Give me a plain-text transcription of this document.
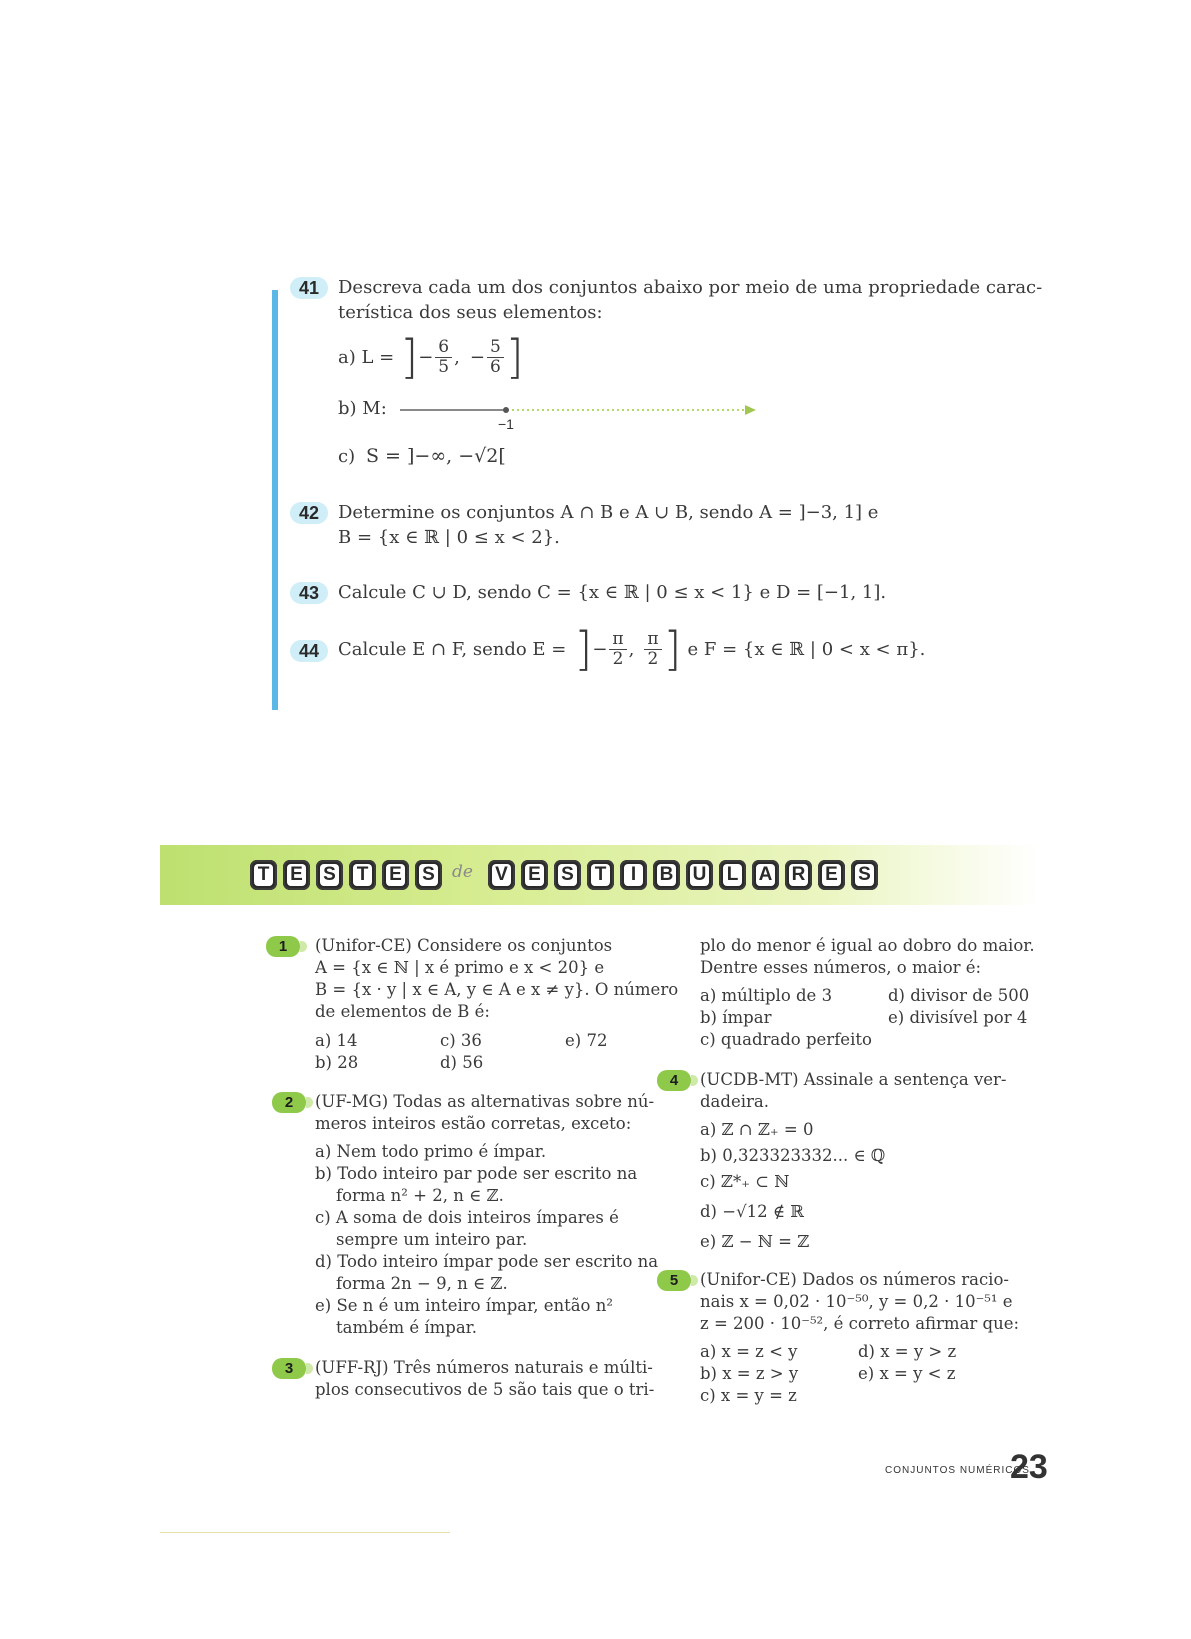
41	Descreva cada um dos conjuntos abaixo por meio de uma propriedade carac-
terística dos seus elementos:
a) L = ] − $\frac{6}{5}$ , − $\frac{5}{6}$ ]
b) M:
−1
c) S = ]−∞, −√2[
42	Determine os conjuntos A ∩ B e A ∪ B, sendo A = ]−3, 1] e
B = {x ∈ ℝ | 0 ≤ x < 2}.
43	Calcule C ∪ D, sendo C = {x ∈ ℝ | 0 ≤ x < 1} e D = [−1, 1].
44	Calcule E ∩ F, sendo E = ] − $\frac{\pi}{2}$ , $\frac{\pi}{2}$ ] e F = {x ∈ ℝ | 0 < x < π}.
T	E	S	T	E	S	de	V	E	S	T	I	B	U	L	A	R	E	S
1	(Unifor-CE) Considere os conjuntos
A = {x ∈ ℕ | x é primo e x < 20} e
B = {x · y | x ∈ A, y ∈ A e x ≠ y}. O número
de elementos de B é:
a) 14	c) 36	e) 72
b) 28	d) 56
2	(UF-MG) Todas as alternativas sobre nú-
meros inteiros estão corretas, exceto:
a) Nem todo primo é ímpar.
b) Todo inteiro par pode ser escrito na
forma n² + 2, n ∈ ℤ.
c) A soma de dois inteiros ímpares é
sempre um inteiro par.
d) Todo inteiro ímpar pode ser escrito na
forma 2n − 9, n ∈ ℤ.
e) Se n é um inteiro ímpar, então n²
também é ímpar.
3	(UFF-RJ) Três números naturais e múlti-
plos consecutivos de 5 são tais que o tri-
plo do menor é igual ao dobro do maior.
Dentre esses números, o maior é:
a) múltiplo de 3	d) divisor de 500
b) ímpar	e) divisível por 4
c) quadrado perfeito
4	(UCDB-MT) Assinale a sentença ver-
dadeira.
a) ℤ ∩ ℤ₊ = 0
b) 0,323323332... ∈ ℚ
c) ℤ*₊ ⊂ ℕ
d) −√12 ∉ ℝ
e) ℤ − ℕ = ℤ
5	(Unifor-CE) Dados os números racio-
nais x = 0,02 · 10⁻⁵⁰, y = 0,2 · 10⁻⁵¹ e
z = 200 · 10⁻⁵², é correto afirmar que:
a) x = z < y	d) x = y > z
b) x = z > y	e) x = y < z
c) x = y = z
CONJUNTOS NUMÉRICOS
23
